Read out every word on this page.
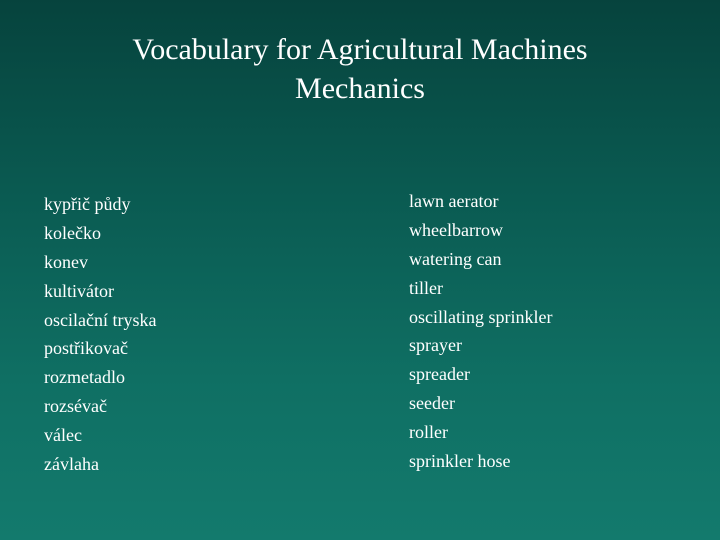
Vocabulary for Agricultural Machines
Mechanics
kypřič půdy
kolečko
konev
kultivátor
oscilační tryska
postřikovač
rozmetadlo
rozsévač
válec
závlaha
lawn aerator
wheelbarrow
watering can
tiller
oscillating sprinkler
sprayer
spreader
seeder
roller
sprinkler hose
